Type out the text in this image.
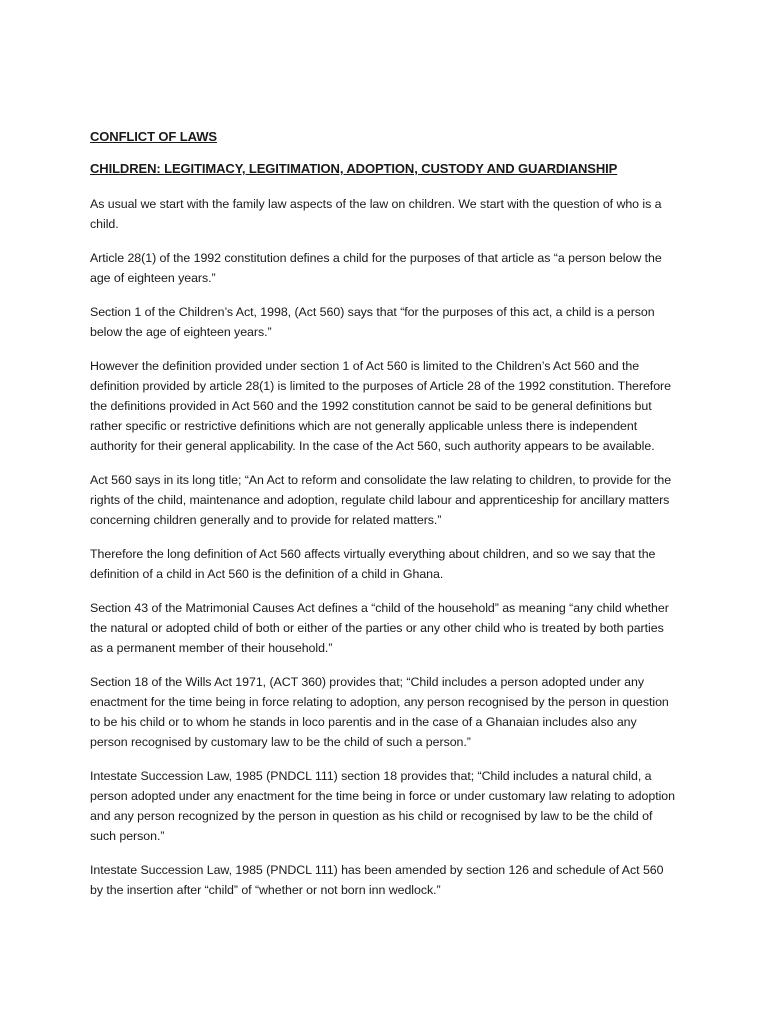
CONFLICT OF LAWS
CHILDREN: LEGITIMACY, LEGITIMATION, ADOPTION, CUSTODY AND GUARDIANSHIP

As usual we start with the family law aspects of the law on children. We start with the question of who is a child.

Article 28(1) of the 1992 constitution defines a child for the purposes of that article as “a person below the age of eighteen years.”

Section 1 of the Children’s Act, 1998, (Act 560) says that “for the purposes of this act, a child is a person below the age of eighteen years.”

However the definition provided under section 1 of Act 560 is limited to the Children’s Act 560 and the definition provided by article 28(1) is limited to the purposes of Article 28 of the 1992 constitution. Therefore the definitions provided in Act 560 and the 1992 constitution cannot be said to be general definitions but rather specific or restrictive definitions which are not generally applicable unless there is independent authority for their general applicability. In the case of the Act 560, such authority appears to be available.

Act 560 says in its long title; “An Act to reform and consolidate the law relating to children, to provide for the rights of the child, maintenance and adoption, regulate child labour and apprenticeship for ancillary matters concerning children generally and to provide for related matters.”

Therefore the long definition of Act 560 affects virtually everything about children, and so we say that the definition of a child in Act 560 is the definition of a child in Ghana.

Section 43 of the Matrimonial Causes Act defines a “child of the household” as meaning “any child whether the natural or adopted child of both or either of the parties or any other child who is treated by both parties as a permanent member of their household.”

Section 18 of the Wills Act 1971, (ACT 360) provides that; “Child includes a person adopted under any enactment for the time being in force relating to adoption, any person recognised by the person in question to be his child or to whom he stands in loco parentis and in the case of a Ghanaian includes also any person recognised by customary law to be the child of such a person.”

Intestate Succession Law, 1985 (PNDCL 111) section 18 provides that; “Child includes a natural child, a person adopted under any enactment for the time being in force or under customary law relating to adoption and any person recognized by the person in question as his child or recognised by law to be the child of such person.”

Intestate Succession Law, 1985 (PNDCL 111) has been amended by section 126 and schedule of Act 560 by the insertion after “child” of “whether or not born inn wedlock.”
